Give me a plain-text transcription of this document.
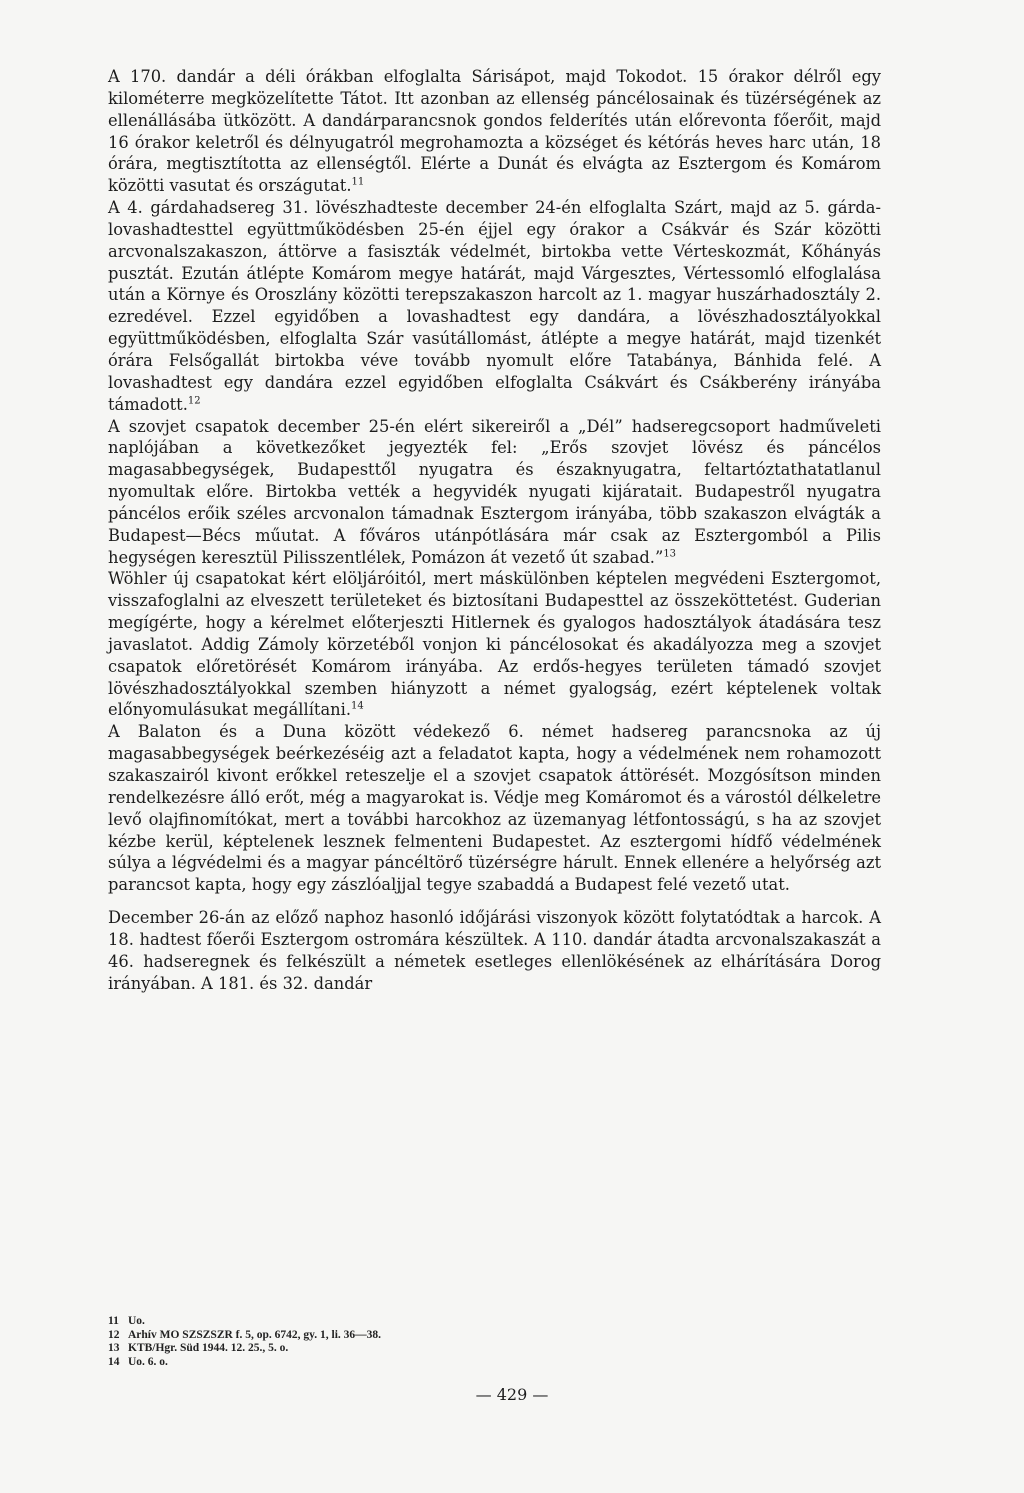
A 170. dandár a déli órákban elfoglalta Sárisápot, majd Tokodot. 15 órakor délről egy kilométerre megközelítette Tátot. Itt azonban az ellenség páncélosainak és tüzérségének az ellenállásába ütközött. A dandárparancsnok gondos felderítés után előrevonta főerőit, majd 16 órakor keletről és délnyugatról megrohamozta a községet és kétórás heves harc után, 18 órára, megtisztította az ellenségtől. Elérte a Dunát és elvágta az Esztergom és Komárom közötti vasutat és országutat.$^{11}$

A 4. gárdahadsereg 31. lövészhadteste december 24-én elfoglalta Szárt, majd az 5. gárda-lovashadtesttel együttműködésben 25-én éjjel egy órakor a Csákvár és Szár közötti arcvonalszakaszon, áttörve a fasiszták védelmét, birtokba vette Vérteskozmát, Kőhányás pusztát. Ezután átlépte Komárom megye határát, majd Várgesztes, Vértessomló elfoglalása után a Környe és Oroszlány közötti terepszakaszon harcolt az 1. magyar huszárhadosztály 2. ezredével. Ezzel egyidőben a lovashadtest egy dandára, a lövészhadosztályokkal együttműködésben, elfoglalta Szár vasútállomást, átlépte a megye határát, majd tizenkét órára Felsőgallát birtokba véve tovább nyomult előre Tatabánya, Bánhida felé. A lovashadtest egy dandára ezzel egyidőben elfoglalta Csákvárt és Csákberény irányába támadott.$^{12}$

A szovjet csapatok december 25-én elért sikereiről a „Dél” hadseregcsoport hadműveleti naplójában a következőket jegyezték fel: „Erős szovjet lövész és páncélos magasabbegységek, Budapesttől nyugatra és északnyugatra, feltartóztathatatlanul nyomultak előre. Birtokba vették a hegyvidék nyugati kijáratait. Budapestről nyugatra páncélos erőik széles arcvonalon támadnak Esztergom irányába, több szakaszon elvágták a Budapest—Bécs műutat. A főváros utánpótlására már csak az Esztergomból a Pilis hegységen keresztül Pilisszentlélek, Pomázon át vezető út szabad.”$^{13}$

Wöhler új csapatokat kért elöljáróitól, mert máskülönben képtelen megvédeni Esztergomot, visszafoglalni az elveszett területeket és biztosítani Budapesttel az összeköttetést. Guderian megígérte, hogy a kérelmet előterjeszti Hitlernek és gyalogos hadosztályok átadására tesz javaslatot. Addig Zámoly körzetéből vonjon ki páncélosokat és akadályozza meg a szovjet csapatok előretörését Komárom irányába. Az erdős-hegyes területen támadó szovjet lövészhadosztályokkal szemben hiányzott a német gyalogság, ezért képtelenek voltak előnyomulásukat megállítani.$^{14}$

A Balaton és a Duna között védekező 6. német hadsereg parancsnoka az új magasabbegységek beérkezéséig azt a feladatot kapta, hogy a védelmének nem rohamozott szakaszairól kivont erőkkel reteszelje el a szovjet csapatok áttörését. Mozgósítson minden rendelkezésre álló erőt, még a magyarokat is. Védje meg Komáromot és a várostól délkeletre levő olajfinomítókat, mert a további harcokhoz az üzemanyag létfontosságú, s ha az szovjet kézbe kerül, képtelenek lesznek felmenteni Budapestet. Az esztergomi hídfő védelmének súlya a légvédelmi és a magyar páncéltörő tüzérségre hárult. Ennek ellenére a helyőrség azt parancsot kapta, hogy egy zászlóaljjal tegye szabaddá a Budapest felé vezető utat.

December 26-án az előző naphoz hasonló időjárási viszonyok között folytatódtak a harcok. A 18. hadtest főerői Esztergom ostromára készültek. A 110. dandár átadta arcvonalszakaszát a 46. hadseregnek és felkészült a németek esetleges ellenlökésének az elhárítására Dorog irányában. A 181. és 32. dandár

11 Uo.
12 Arhív MO SZSZSZR f. 5, op. 6742, gy. 1, li. 36—38.
13 KTB/Hgr. Süd 1944. 12. 25., 5. o.
14 Uo. 6. o.
— 429 —
